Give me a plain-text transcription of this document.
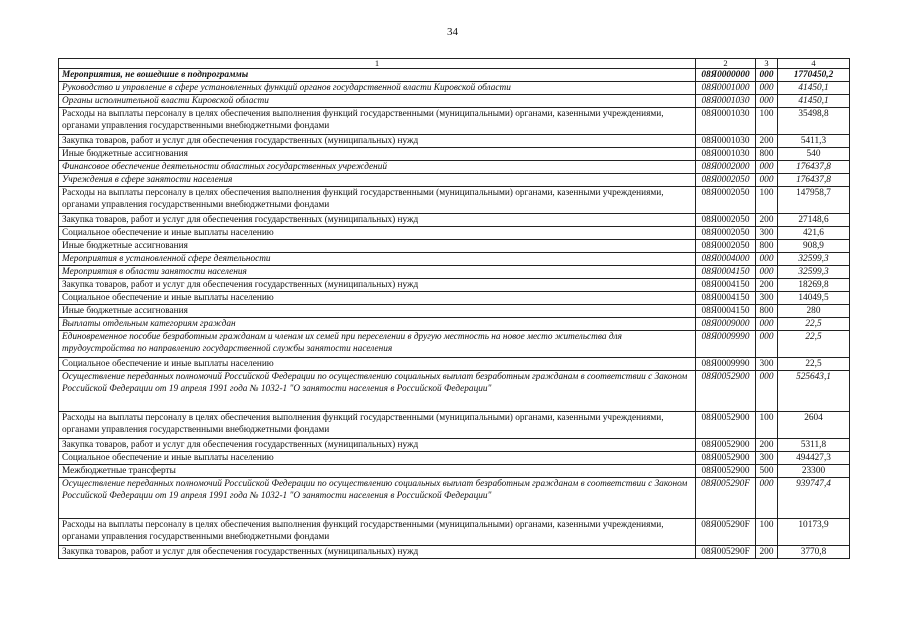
34
1	2	3	4
Мероприятия, не вошедшие в подпрограммы	08Я0000000	000	1770450,2
Руководство и управление в сфере установленных функций органов государственной власти Кировской области	08Я0001000	000	41450,1
Органы исполнительной власти Кировской области	08Я0001030	000	41450,1
Расходы на выплаты персоналу в целях обеспечения выполнения функций государственными (муниципальными) органами, казенными учреждениями, органами управления государственными внебюджетными фондами	08Я0001030	100	35498,8
Закупка товаров, работ и услуг для обеспечения государственных (муниципальных) нужд	08Я0001030	200	5411,3
Иные бюджетные ассигнования	08Я0001030	800	540
Финансовое обеспечение деятельности областных государственных учреждений	08Я0002000	000	176437,8
Учреждения в сфере занятости населения	08Я0002050	000	176437,8
Расходы на выплаты персоналу в целях обеспечения выполнения функций государственными (муниципальными) органами, казенными учреждениями, органами управления государственными внебюджетными фондами	08Я0002050	100	147958,7
Закупка товаров, работ и услуг для обеспечения государственных (муниципальных) нужд	08Я0002050	200	27148,6
Социальное обеспечение и иные выплаты населению	08Я0002050	300	421,6
Иные бюджетные ассигнования	08Я0002050	800	908,9
Мероприятия в установленной сфере деятельности	08Я0004000	000	32599,3
Мероприятия в области занятости населения	08Я0004150	000	32599,3
Закупка товаров, работ и услуг для обеспечения государственных (муниципальных) нужд	08Я0004150	200	18269,8
Социальное обеспечение и иные выплаты населению	08Я0004150	300	14049,5
Иные бюджетные ассигнования	08Я0004150	800	280
Выплаты отдельным категориям граждан	08Я0009000	000	22,5
Единовременное пособие безработным гражданам и членам их семей при переселении в другую местность на новое место жительства для трудоустройства по направлению государственной службы занятости населения	08Я0009990	000	22,5
Социальное обеспечение и иные выплаты населению	08Я0009990	300	22,5
Осуществление переданных полномочий Российской Федерации по осуществлению социальных выплат безработным гражданам в соответствии с Законом Российской Федерации от 19 апреля 1991 года № 1032-1 "О занятости населения в Российской Федерации"	08Я0052900	000	525643,1
Расходы на выплаты персоналу в целях обеспечения выполнения функций государственными (муниципальными) органами, казенными учреждениями, органами управления государственными внебюджетными фондами	08Я0052900	100	2604
Закупка товаров, работ и услуг для обеспечения государственных (муниципальных) нужд	08Я0052900	200	5311,8
Социальное обеспечение и иные выплаты населению	08Я0052900	300	494427,3
Межбюджетные трансферты	08Я0052900	500	23300
Осуществление переданных полномочий Российской Федерации по осуществлению социальных выплат безработным гражданам в соответствии с Законом Российской Федерации от 19 апреля 1991 года № 1032-1 "О занятости населения в Российской Федерации"	08Я005290F	000	939747,4
Расходы на выплаты персоналу в целях обеспечения выполнения функций государственными (муниципальными) органами, казенными учреждениями, органами управления государственными внебюджетными фондами	08Я005290F	100	10173,9
Закупка товаров, работ и услуг для обеспечения государственных (муниципальных) нужд	08Я005290F	200	3770,8
